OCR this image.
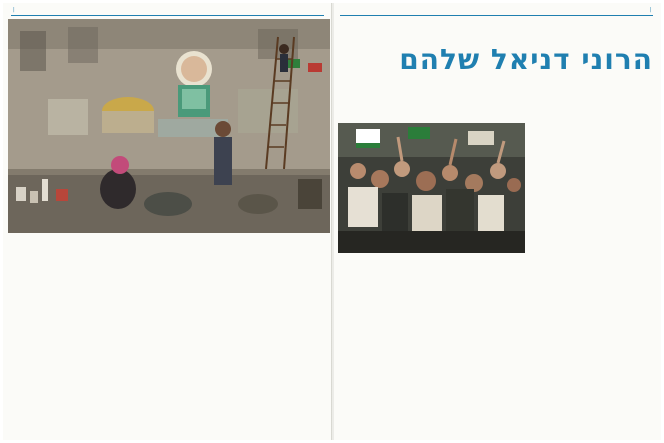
|	|
הרוני דניאל שלהם
